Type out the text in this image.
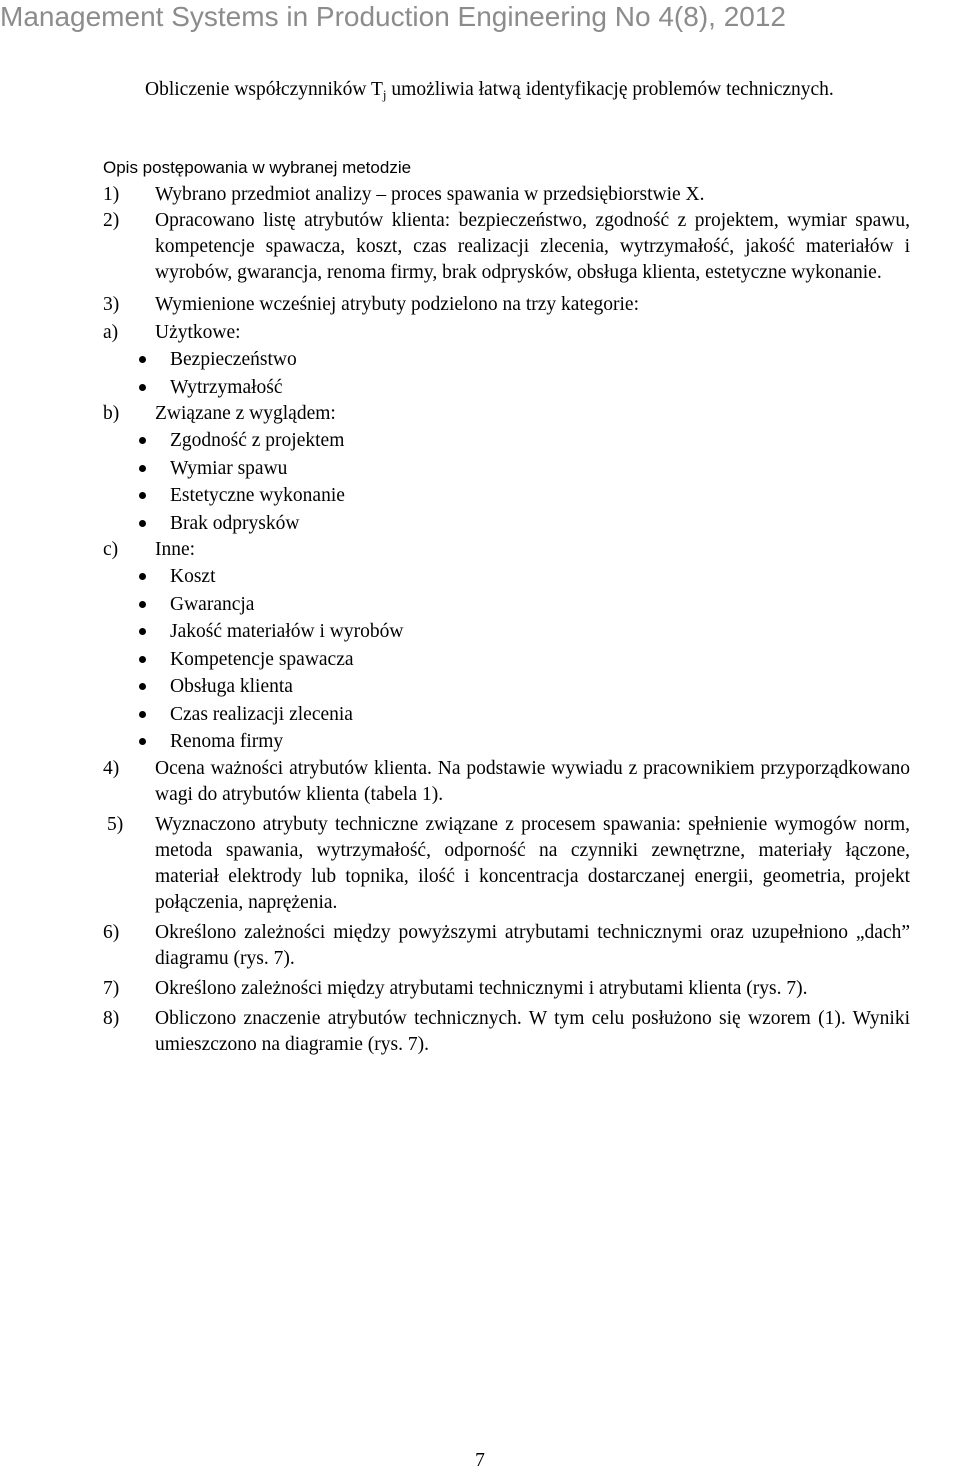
Management Systems in Production Engineering No 4(8), 2012

Obliczenie współczynników $T_j$ umożliwia łatwą identyfikację problemów technicznych.

Opis postępowania w wybranej metodzie

1) Wybrano przedmiot analizy – proces spawania w przedsiębiorstwie X.

2) Opracowano listę atrybutów klienta: bezpieczeństwo, zgodność z projektem, wymiar spawu, kompetencje spawacza, koszt, czas realizacji zlecenia, wytrzymałość, jakość materiałów i wyrobów, gwarancja, renoma firmy, brak odprysków, obsługa klienta, estetyczne wykonanie.

3) Wymienione wcześniej atrybuty podzielono na trzy kategorie:

a) Użytkowe:

Bezpieczeństwo
Wytrzymałość

b) Związane z wyglądem:

Zgodność z projektem
Wymiar spawu
Estetyczne wykonanie
Brak odprysków

c) Inne:

Koszt
Gwarancja
Jakość materiałów i wyrobów
Kompetencje spawacza
Obsługa klienta
Czas realizacji zlecenia
Renoma firmy

4) Ocena ważności atrybutów klienta. Na podstawie wywiadu z pracownikiem przyporządkowano wagi do atrybutów klienta (tabela 1).

5) Wyznaczono atrybuty techniczne związane z procesem spawania: spełnienie wymogów norm, metoda spawania, wytrzymałość, odporność na czynniki zewnętrzne, materiały łączone, materiał elektrody lub topnika, ilość i koncentracja dostarczanej energii, geometria, projekt połączenia, naprężenia.

6) Określono zależności między powyższymi atrybutami technicznymi oraz uzupełniono „dach” diagramu (rys. 7).

7) Określono zależności między atrybutami technicznymi i atrybutami klienta (rys. 7).

8) Obliczono znaczenie atrybutów technicznych. W tym celu posłużono się wzorem (1). Wyniki umieszczono na diagramie (rys. 7).

7
